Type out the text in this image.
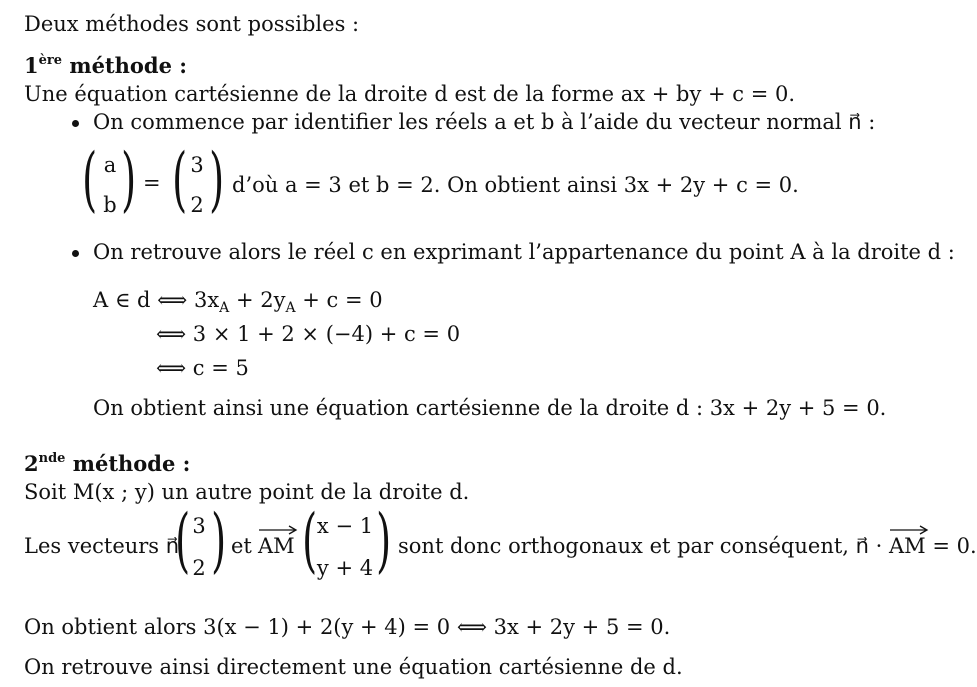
Deux méthodes sont possibles :
1ère méthode :
Une équation cartésienne de la droite d est de la forme ax + by + c = 0.
On commence par identifier les réels a et b à l’aide du vecteur normal n⃗ :
( a
b ) = ( 3
2 ) d’où a = 3 et b = 2. On obtient ainsi 3x + 2y + c = 0.
On retrouve alors le réel c en exprimant l’appartenance du point A à la droite d :
A ∈ d ⟺ $3x_A + 2y_A + c = 0$
⟺ 3 × 1 + 2 × (−4) + c = 0
⟺ c = 5
On obtient ainsi une équation cartésienne de la droite d : 3x + 2y + 5 = 0.
2nde méthode :
Soit M(x ; y) un autre point de la droite d.
Les vecteurs n⃗
( 3
2 ) et AM ( x − 1
y + 4 ) sont donc orthogonaux et par conséquent, n⃗ · AM = 0.
On obtient alors 3(x − 1) + 2(y + 4) = 0 ⟺ 3x + 2y + 5 = 0.
On retrouve ainsi directement une équation cartésienne de d.
